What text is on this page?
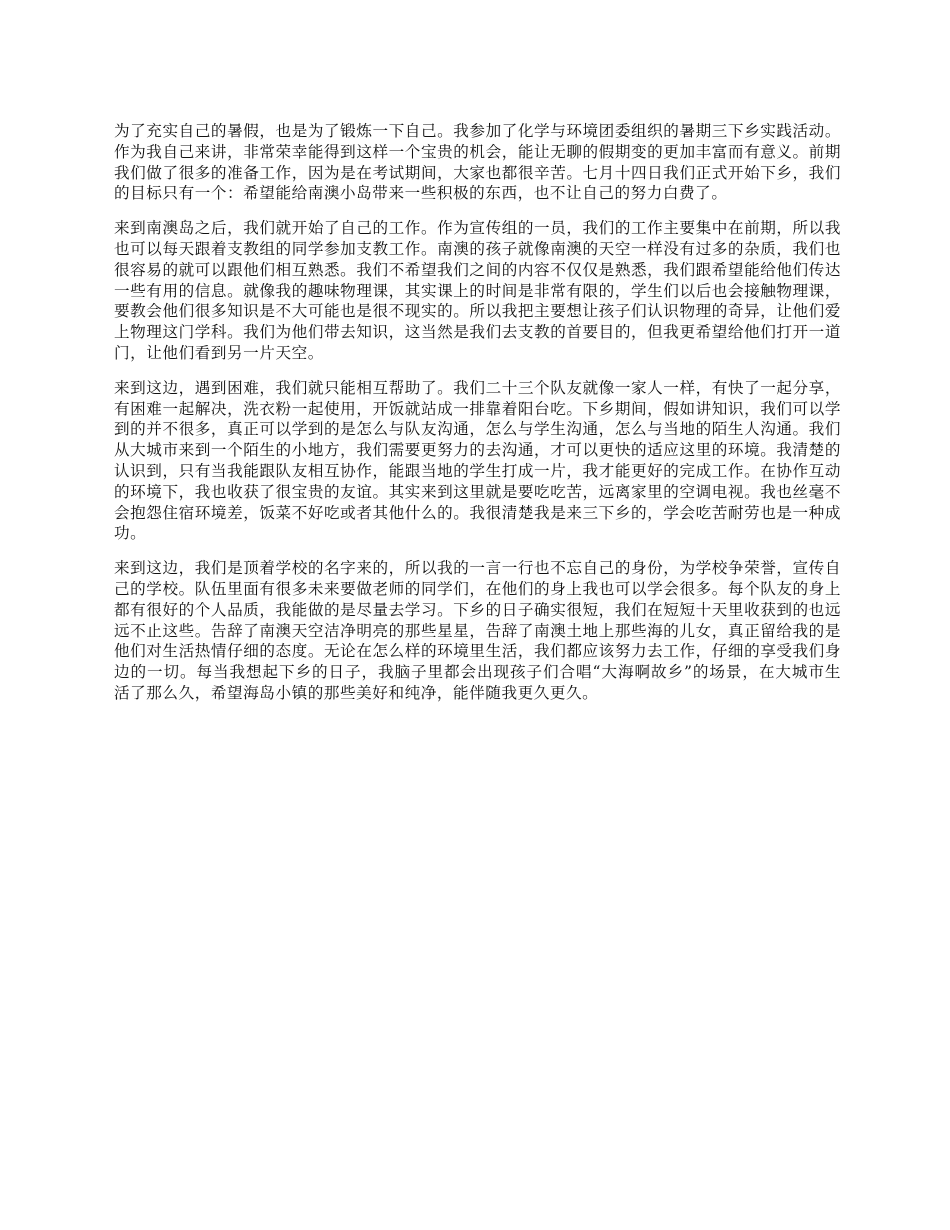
为了充实自己的暑假，也是为了锻炼一下自己。我参加了化学与环境团委组织的暑期三下乡实践活动。作为我自己来讲，非常荣幸能得到这样一个宝贵的机会，能让无聊的假期变的更加丰富而有意义。前期我们做了很多的准备工作，因为是在考试期间，大家也都很辛苦。七月十四日我们正式开始下乡，我们的目标只有一个：希望能给南澳小岛带来一些积极的东西，也不让自己的努力白费了。

来到南澳岛之后，我们就开始了自己的工作。作为宣传组的一员，我们的工作主要集中在前期，所以我也可以每天跟着支教组的同学参加支教工作。南澳的孩子就像南澳的天空一样没有过多的杂质，我们也很容易的就可以跟他们相互熟悉。我们不希望我们之间的内容不仅仅是熟悉，我们跟希望能给他们传达一些有用的信息。就像我的趣味物理课，其实课上的时间是非常有限的，学生们以后也会接触物理课，要教会他们很多知识是不大可能也是很不现实的。所以我把主要想让孩子们认识物理的奇异，让他们爱上物理这门学科。我们为他们带去知识，这当然是我们去支教的首要目的，但我更希望给他们打开一道门，让他们看到另一片天空。

来到这边，遇到困难，我们就只能相互帮助了。我们二十三个队友就像一家人一样，有快了一起分享，有困难一起解决，洗衣粉一起使用，开饭就站成一排靠着阳台吃。下乡期间，假如讲知识，我们可以学到的并不很多，真正可以学到的是怎么与队友沟通，怎么与学生沟通，怎么与当地的陌生人沟通。我们从大城市来到一个陌生的小地方，我们需要更努力的去沟通，才可以更快的适应这里的环境。我清楚的认识到，只有当我能跟队友相互协作，能跟当地的学生打成一片，我才能更好的完成工作。在协作互动的环境下，我也收获了很宝贵的友谊。其实来到这里就是要吃吃苦，远离家里的空调电视。我也丝毫不会抱怨住宿环境差，饭菜不好吃或者其他什么的。我很清楚我是来三下乡的，学会吃苦耐劳也是一种成功。

来到这边，我们是顶着学校的名字来的，所以我的一言一行也不忘自己的身份，为学校争荣誉，宣传自己的学校。队伍里面有很多未来要做老师的同学们，在他们的身上我也可以学会很多。每个队友的身上都有很好的个人品质，我能做的是尽量去学习。下乡的日子确实很短，我们在短短十天里收获到的也远远不止这些。告辞了南澳天空洁净明亮的那些星星，告辞了南澳土地上那些海的儿女，真正留给我的是他们对生活热情仔细的态度。无论在怎么样的环境里生活，我们都应该努力去工作，仔细的享受我们身边的一切。每当我想起下乡的日子，我脑子里都会出现孩子们合唱“大海啊故乡”的场景，在大城市生活了那么久，希望海岛小镇的那些美好和纯净，能伴随我更久更久。
